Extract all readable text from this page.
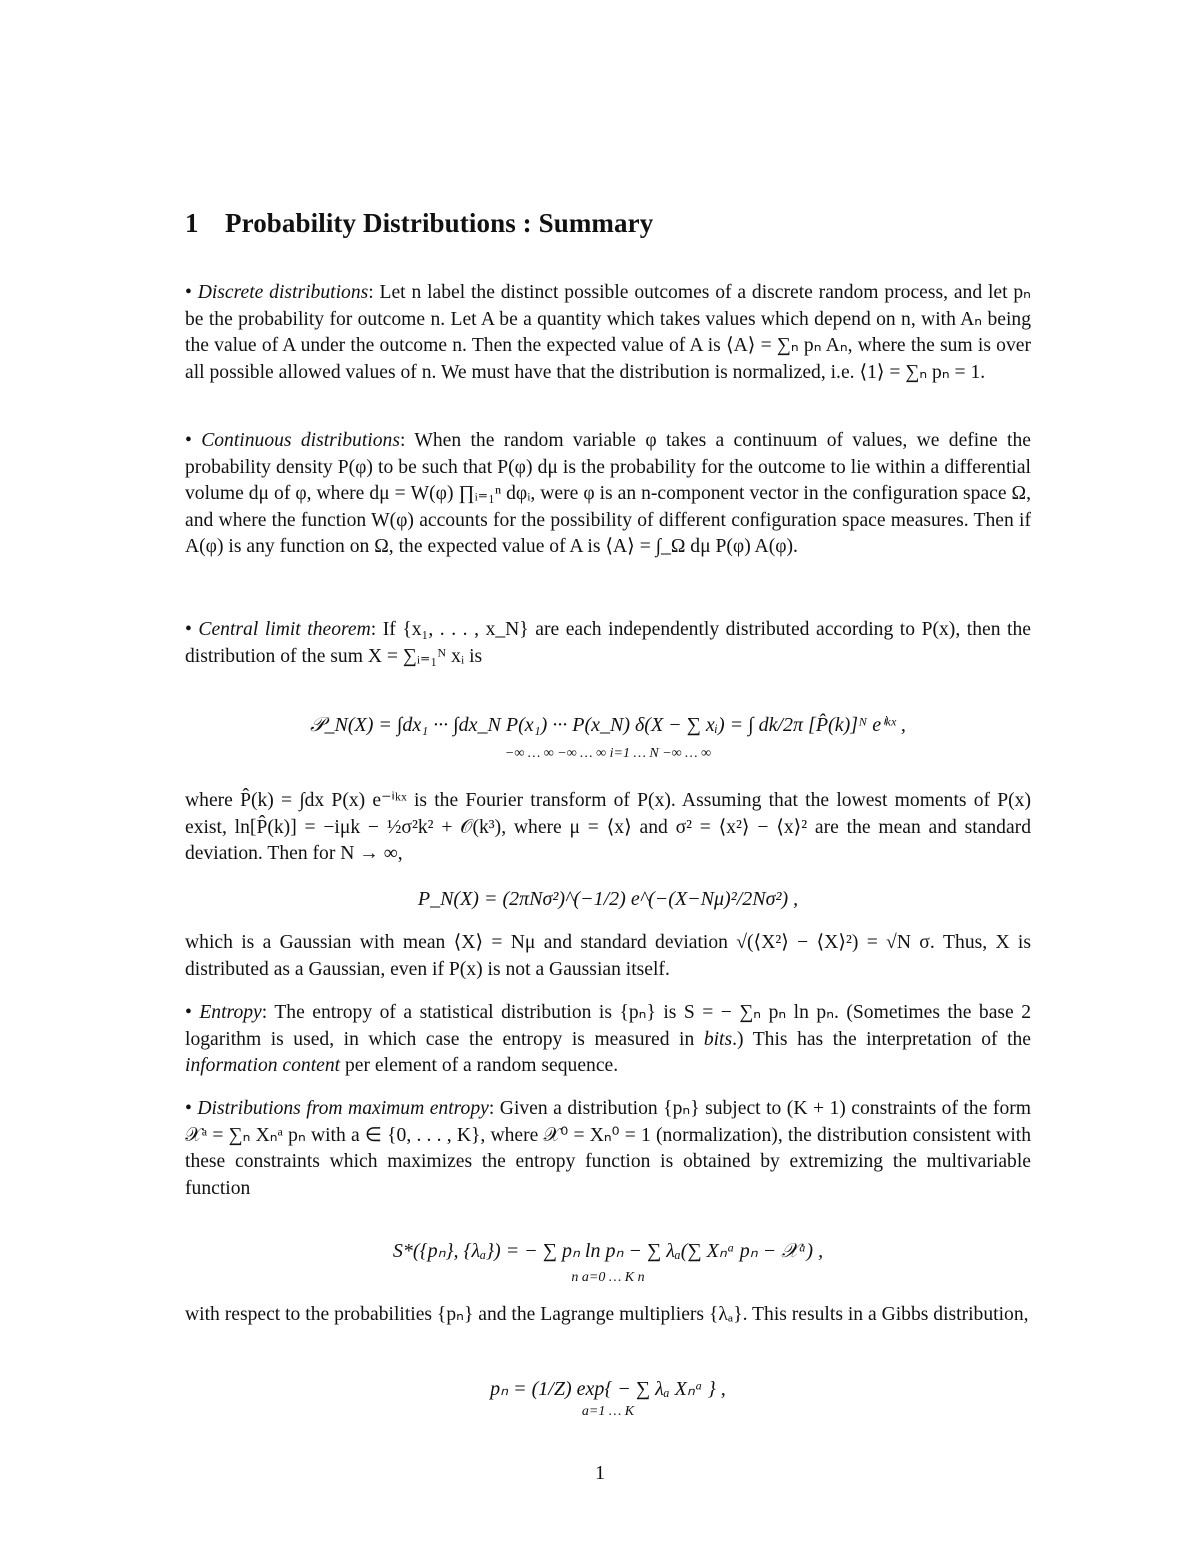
1 Probability Distributions : Summary

• Discrete distributions: Let n label the distinct possible outcomes of a discrete random process, and let pₙ be the probability for outcome n. Let A be a quantity which takes values which depend on n, with Aₙ being the value of A under the outcome n. Then the expected value of A is ⟨A⟩ = ∑ₙ pₙ Aₙ, where the sum is over all possible allowed values of n. We must have that the distribution is normalized, i.e. ⟨1⟩ = ∑ₙ pₙ = 1.

• Continuous distributions: When the random variable φ takes a continuum of values, we define the probability density P(φ) to be such that P(φ) dμ is the probability for the outcome to lie within a differential volume dμ of φ, where dμ = W(φ) ∏ᵢ₌₁ⁿ dφᵢ, were φ is an n-component vector in the configuration space Ω, and where the function W(φ) accounts for the possibility of different configuration space measures. Then if A(φ) is any function on Ω, the expected value of A is ⟨A⟩ = ∫_Ω dμ P(φ) A(φ).

• Central limit theorem: If {x₁, . . . , x_N} are each independently distributed according to P(x), then the distribution of the sum X = ∑ᵢ₌₁ᴺ xᵢ is

𝒫_N(X) = ∫dx₁ ··· ∫dx_N P(x₁) ··· P(x_N) δ(X − ∑ xᵢ) = ∫ dk/2π [P̂(k)]ᴺ eⁱᵏˣ ,
−∞ … ∞ −∞ … ∞ i=1 … N −∞ … ∞

where P̂(k) = ∫dx P(x) e⁻ⁱᵏˣ is the Fourier transform of P(x). Assuming that the lowest moments of P(x) exist, ln[P̂(k)] = −iμk − ½σ²k² + 𝒪(k³), where μ = ⟨x⟩ and σ² = ⟨x²⟩ − ⟨x⟩² are the mean and standard deviation. Then for N → ∞,

P_N(X) = (2πNσ²)^(−1/2) e^(−(X−Nμ)²/2Nσ²) ,

which is a Gaussian with mean ⟨X⟩ = Nμ and standard deviation √(⟨X²⟩ − ⟨X⟩²) = √N σ. Thus, X is distributed as a Gaussian, even if P(x) is not a Gaussian itself.

• Entropy: The entropy of a statistical distribution is {pₙ} is S = − ∑ₙ pₙ ln pₙ. (Sometimes the base 2 logarithm is used, in which case the entropy is measured in bits.) This has the interpretation of the information content per element of a random sequence.

• Distributions from maximum entropy: Given a distribution {pₙ} subject to (K + 1) constraints of the form 𝒳ᵃ = ∑ₙ Xₙᵃ pₙ with a ∈ {0, . . . , K}, where 𝒳⁰ = Xₙ⁰ = 1 (normalization), the distribution consistent with these constraints which maximizes the entropy function is obtained by extremizing the multivariable function

S*({pₙ}, {λₐ}) = − ∑ pₙ ln pₙ − ∑ λₐ(∑ Xₙᵃ pₙ − 𝒳ᵃ) ,
n a=0 … K n

with respect to the probabilities {pₙ} and the Lagrange multipliers {λₐ}. This results in a Gibbs distribution,

pₙ = (1/Z) exp{ − ∑ λₐ Xₙᵃ } ,
a=1 … K
1
